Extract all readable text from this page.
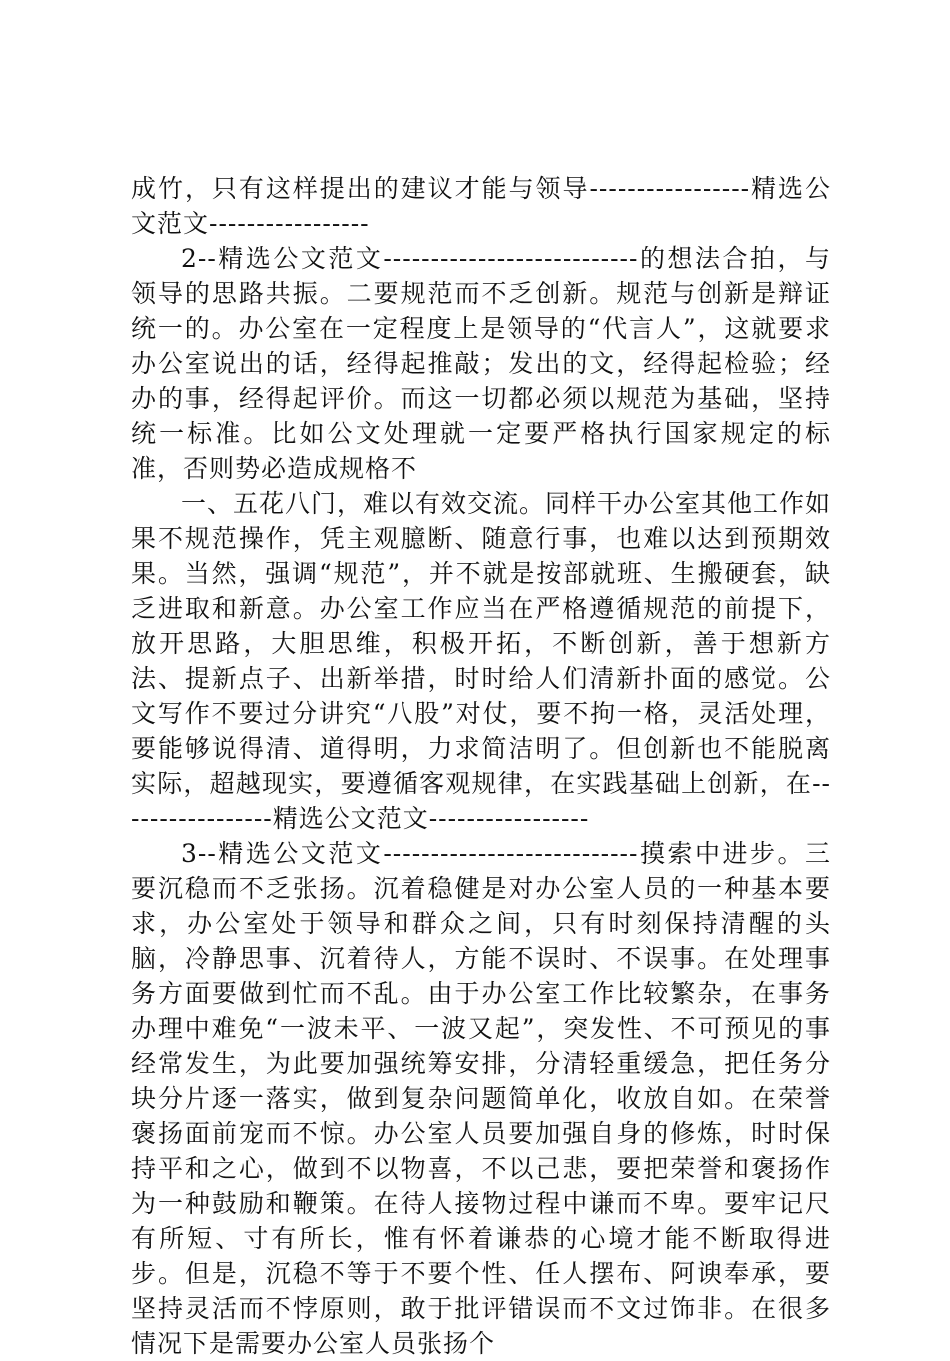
成竹，只有这样提出的建议才能与领导-----------------精选公文范文-----------------

2--精选公文范文---------------------------的想法合拍，与领导的思路共振。二要规范而不乏创新。规范与创新是辩证统一的。办公室在一定程度上是领导的“代言人”，这就要求办公室说出的话，经得起推敲；发出的文，经得起检验；经办的事，经得起评价。而这一切都必须以规范为基础，坚持统一标准。比如公文处理就一定要严格执行国家规定的标准，否则势必造成规格不

一、五花八门，难以有效交流。同样干办公室其他工作如果不规范操作，凭主观臆断、随意行事，也难以达到预期效果。当然，强调“规范”，并不就是按部就班、生搬硬套，缺乏进取和新意。办公室工作应当在严格遵循规范的前提下，放开思路，大胆思维，积极开拓，不断创新，善于想新方法、提新点子、出新举措，时时给人们清新扑面的感觉。公文写作不要过分讲究“八股”对仗，要不拘一格，灵活处理，要能够说得清、道得明，力求简洁明了。但创新也不能脱离实际，超越现实，要遵循客观规律，在实践基础上创新，在-----------------精选公文范文-----------------

3--精选公文范文---------------------------摸索中进步。三要沉稳而不乏张扬。沉着稳健是对办公室人员的一种基本要求，办公室处于领导和群众之间，只有时刻保持清醒的头脑，冷静思事、沉着待人，方能不误时、不误事。在处理事务方面要做到忙而不乱。由于办公室工作比较繁杂，在事务办理中难免“一波未平、一波又起”，突发性、不可预见的事经常发生，为此要加强统筹安排，分清轻重缓急，把任务分块分片逐一落实，做到复杂问题简单化，收放自如。在荣誉褒扬面前宠而不惊。办公室人员要加强自身的修炼，时时保持平和之心，做到不以物喜，不以己悲，要把荣誉和褒扬作为一种鼓励和鞭策。在待人接物过程中谦而不卑。要牢记尺有所短、寸有所长，惟有怀着谦恭的心境才能不断取得进步。但是，沉稳不等于不要个性、任人摆布、阿谀奉承，要坚持灵活而不悖原则，敢于批评错误而不文过饰非。在很多情况下是需要办公室人员张扬个
